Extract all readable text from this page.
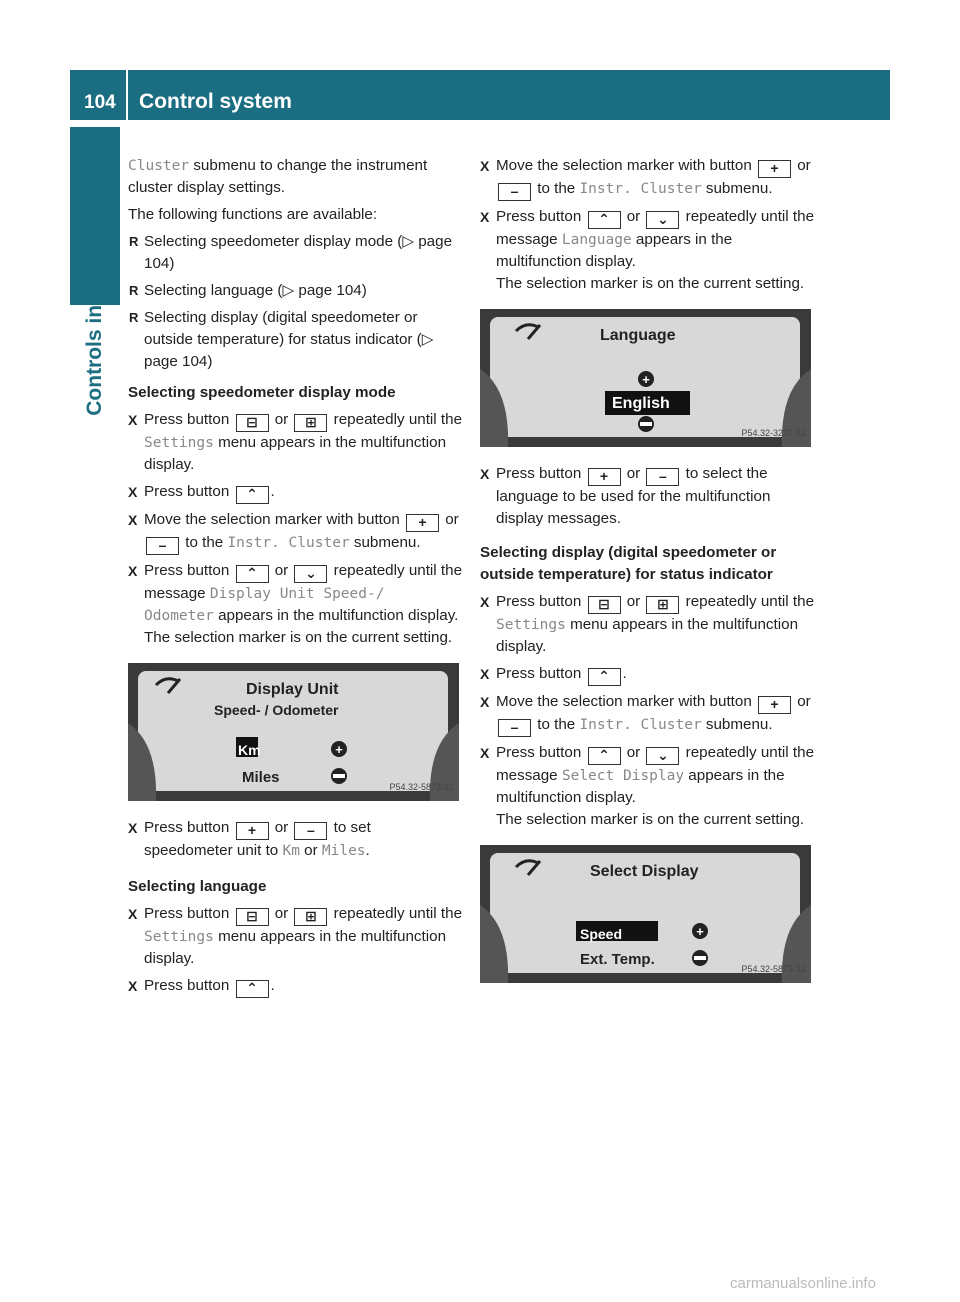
104 Control system
Controls in detail
Cluster submenu to change the instrument cluster display settings.
The following functions are available:
R Selecting speedometer display mode (▷ page 104)
R Selecting language (▷ page 104)
R Selecting display (digital speedometer or outside temperature) for status indicator (▷ page 104)
Selecting speedometer display mode
X Press button ⊟ or ⊞ repeatedly until the Settings menu appears in the multifunction display.
X Press button ⌃ .
X Move the selection marker with button + or – to the Instr. Cluster submenu.
X Press button ⌃ or ⌄ repeatedly until the message Display Unit Speed-/ Odometer appears in the multifunction display.
The selection marker is on the current setting.
+
Display Unit
Speed- / Odometer
Km
Miles
P54.32-5872-31
X Press button + or – to set speedometer unit to Km or Miles.
Selecting language
X Press button ⊟ or ⊞ repeatedly until the Settings menu appears in the multifunction display.
X Press button ⌃ .
X Move the selection marker with button + or – to the Instr. Cluster submenu.
X Press button ⌃ or ⌄ repeatedly until the message Language appears in the multifunction display.
The selection marker is on the current setting.
+
Language
English
P54.32-3237-31
X Press button + or – to select the language to be used for the multifunction display messages.
Selecting display (digital speedometer or outside temperature) for status indicator
X Press button ⊟ or ⊞ repeatedly until the Settings menu appears in the multifunction display.
X Press button ⌃ .
X Move the selection marker with button + or – to the Instr. Cluster submenu.
X Press button ⌃ or ⌄ repeatedly until the message Select Display appears in the multifunction display.
The selection marker is on the current setting.
+
Select Display
Speed
Ext. Temp.
P54.32-5873-31
carmanualsonline.info
